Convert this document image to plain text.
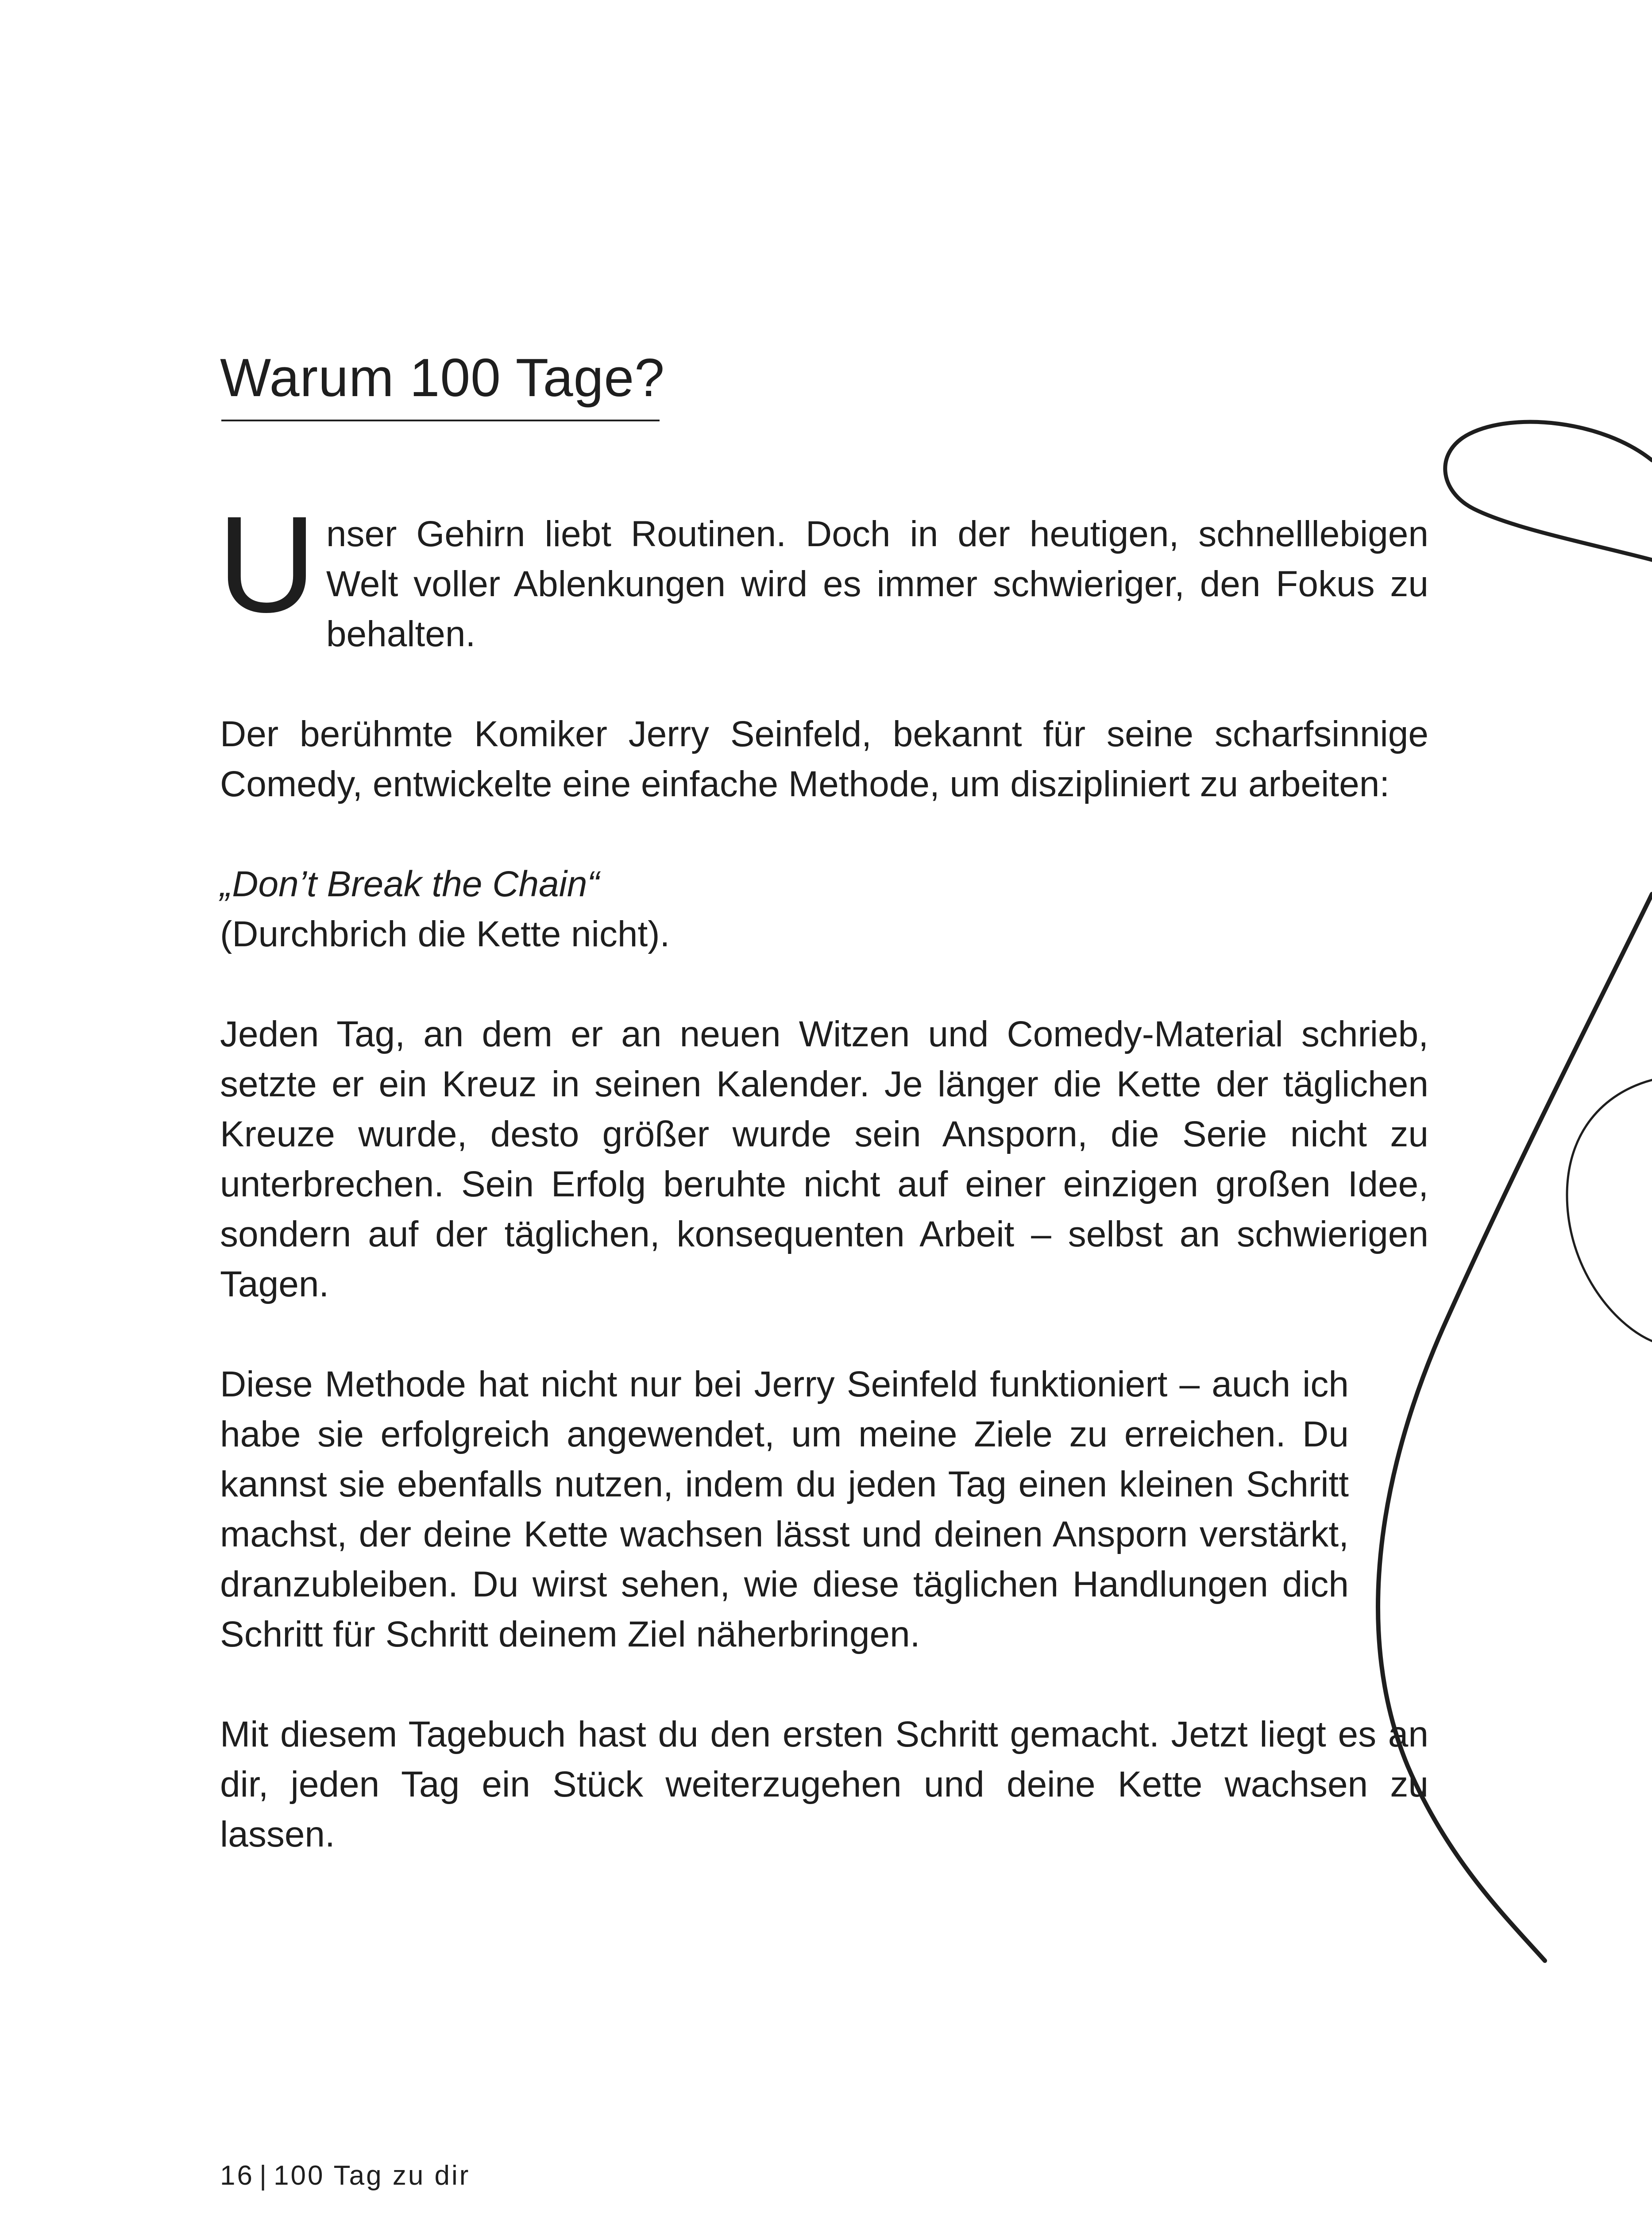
Warum 100 Tage?

U nser Gehirn liebt Routinen. Doch in der heutigen, schnelllebigen Welt voller Ablenkungen wird es immer schwieriger, den Fokus zu behalten.

Der berühmte Komiker Jerry Seinfeld, bekannt für seine scharfsinnige Comedy, entwickelte eine einfache Methode, um diszipliniert zu arbeiten:

„Don’t Break the Chain“
(Durchbrich die Kette nicht).

Jeden Tag, an dem er an neuen Witzen und Comedy-Material schrieb, setzte er ein Kreuz in seinen Kalender. Je länger die Kette der täglichen Kreuze wurde, desto größer wurde sein Ansporn, die Serie nicht zu unterbrechen. Sein Erfolg beruhte nicht auf einer einzigen großen Idee, sondern auf der täglichen, konsequenten Arbeit – selbst an schwierigen Tagen.

Diese Methode hat nicht nur bei Jerry Seinfeld funktioniert – auch ich habe sie erfolgreich angewendet, um meine Ziele zu erreichen. Du kannst sie ebenfalls nutzen, indem du jeden Tag einen kleinen Schritt machst, der deine Kette wachsen lässt und deinen Ansporn verstärkt, dranzubleiben. Du wirst sehen, wie diese täglichen Handlungen dich Schritt für Schritt deinem Ziel näherbringen.

Mit diesem Tagebuch hast du den ersten Schritt gemacht. Jetzt liegt es an dir, jeden Tag ein Stück weiterzugehen und deine Kette wachsen zu lassen.

16 | 100 Tag zu dir
